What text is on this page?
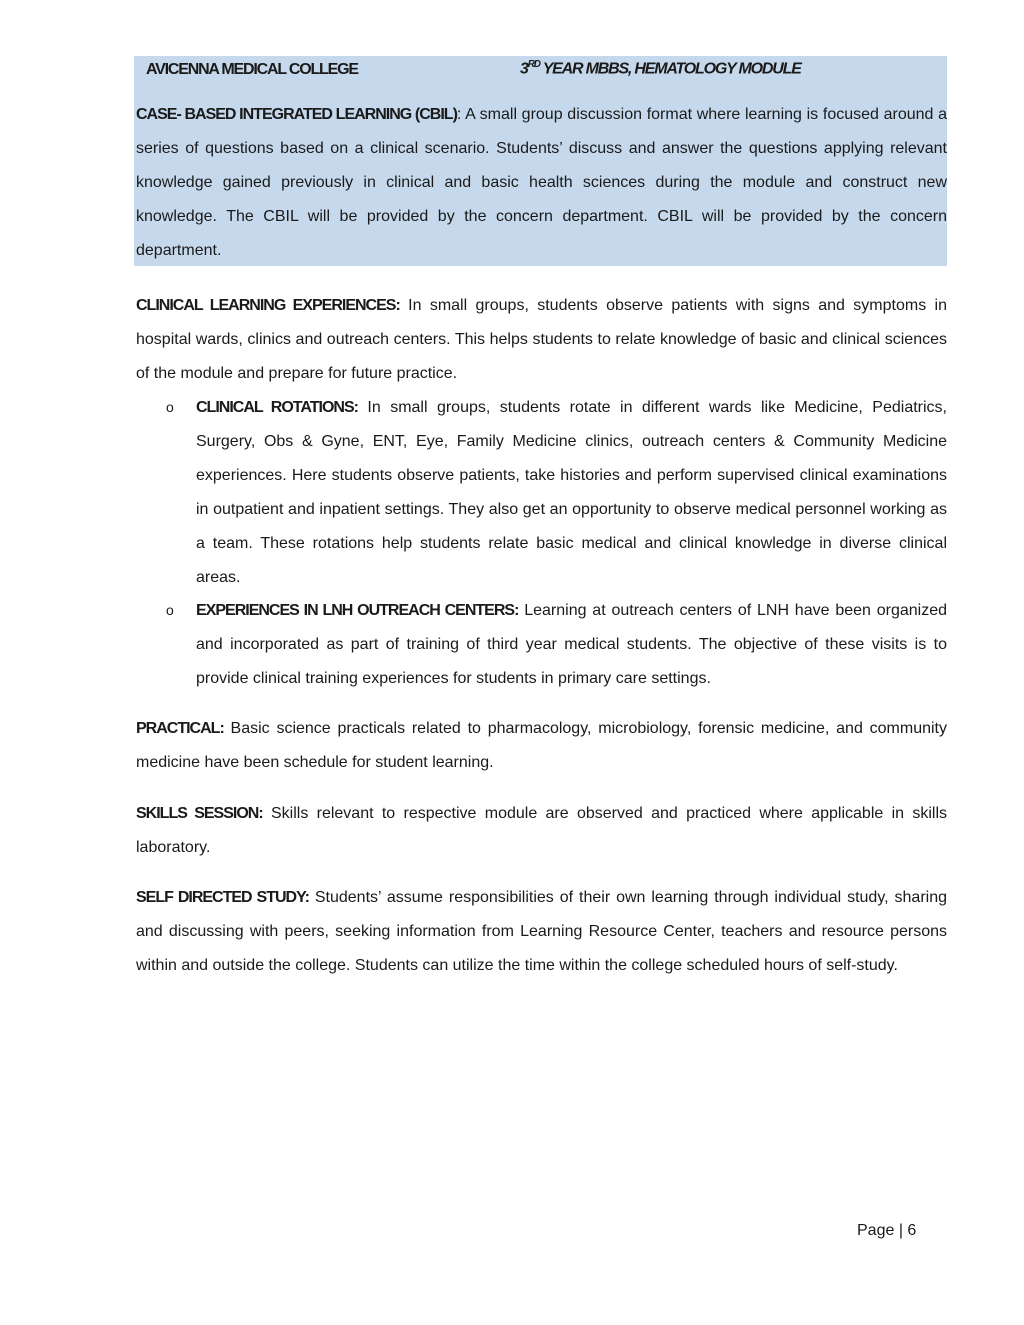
AVICENNA MEDICAL COLLEGE	3RD YEAR MBBS, HEMATOLOGY MODULE

CASE- BASED INTEGRATED LEARNING (CBIL): A small group discussion format where learning is focused around a series of questions based on a clinical scenario. Students’ discuss and answer the questions applying relevant knowledge gained previously in clinical and basic health sciences during the module and construct new knowledge. The CBIL will be provided by the concern department. CBIL will be provided by the concern department.

CLINICAL LEARNING EXPERIENCES: In small groups, students observe patients with signs and symptoms in hospital wards, clinics and outreach centers. This helps students to relate knowledge of basic and clinical sciences of the module and prepare for future practice.

o CLINICAL ROTATIONS: In small groups, students rotate in different wards like Medicine, Pediatrics, Surgery, Obs & Gyne, ENT, Eye, Family Medicine clinics, outreach centers & Community Medicine experiences. Here students observe patients, take histories and perform supervised clinical examinations in outpatient and inpatient settings. They also get an opportunity to observe medical personnel working as a team. These rotations help students relate basic medical and clinical knowledge in diverse clinical areas.

o EXPERIENCES IN LNH OUTREACH CENTERS: Learning at outreach centers of LNH have been organized and incorporated as part of training of third year medical students. The objective of these visits is to provide clinical training experiences for students in primary care settings.

PRACTICAL: Basic science practicals related to pharmacology, microbiology, forensic medicine, and community medicine have been schedule for student learning.

SKILLS SESSION: Skills relevant to respective module are observed and practiced where applicable in skills laboratory.

SELF DIRECTED STUDY: Students’ assume responsibilities of their own learning through individual study, sharing and discussing with peers, seeking information from Learning Resource Center, teachers and resource persons within and outside the college. Students can utilize the time within the college scheduled hours of self-study.

Page | 6
